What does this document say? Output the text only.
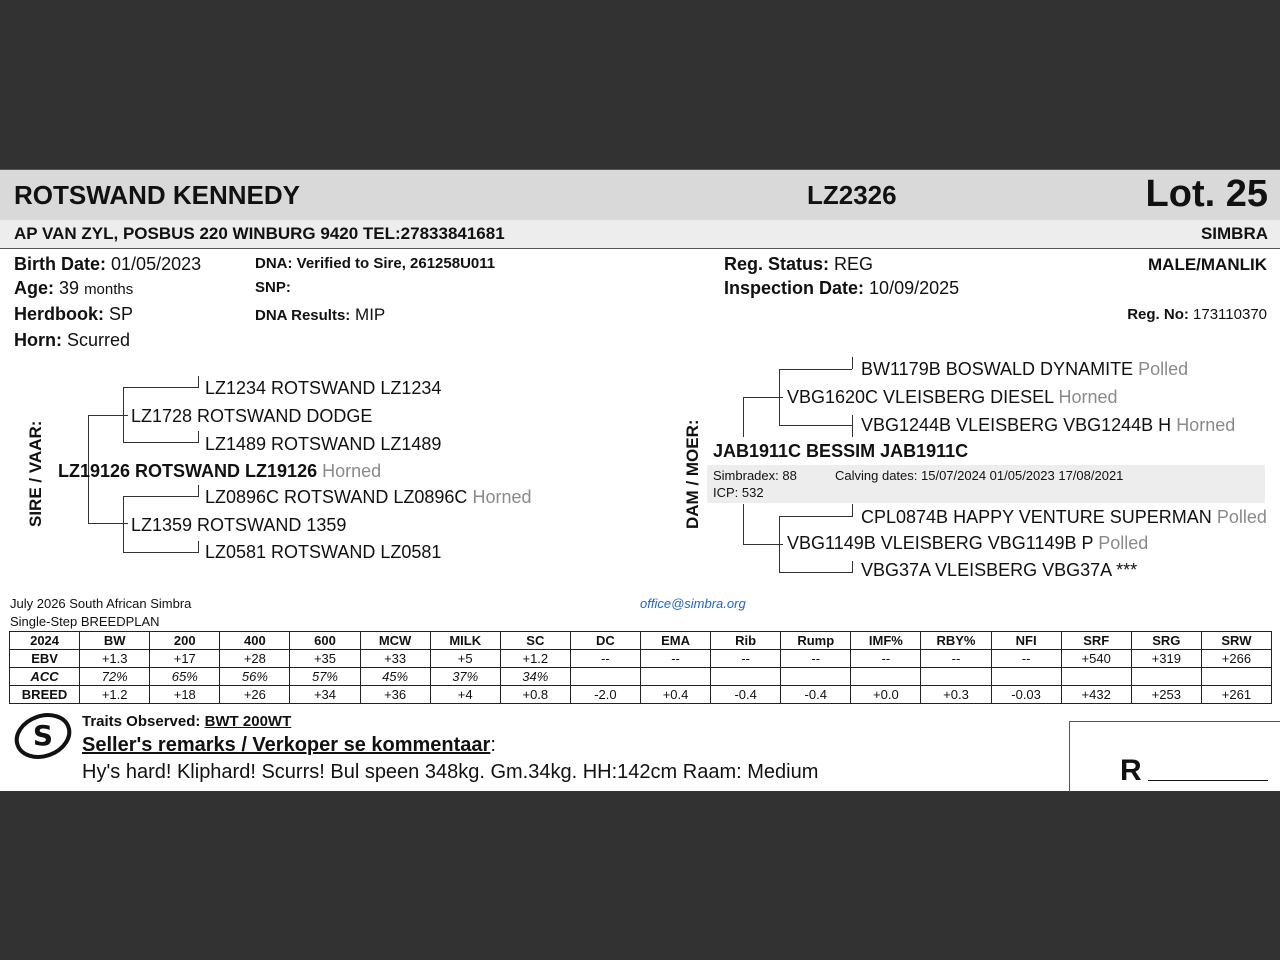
ROTSWAND KENNEDY	LZ2326	Lot. 25
AP VAN ZYL, POSBUS 220 WINBURG 9420 TEL:27833841681	SIMBRA
Birth Date: 01/05/2023
Age: 39 months
Herdbook: SP
Horn: Scurred
DNA: Verified to Sire, 261258U011
SNP:
DNA Results: MIP
Reg. Status: REG
Inspection Date: 10/09/2025
MALE/MANLIK
Reg. No: 173110370
SIRE / VAAR:
LZ1234 ROTSWAND LZ1234
LZ1728 ROTSWAND DODGE
LZ1489 ROTSWAND LZ1489
LZ19126 ROTSWAND LZ19126 Horned
LZ0896C ROTSWAND LZ0896C Horned
LZ1359 ROTSWAND 1359
LZ0581 ROTSWAND LZ0581
DAM / MOER:
BW1179B BOSWALD DYNAMITE Polled
VBG1620C VLEISBERG DIESEL Horned
VBG1244B VLEISBERG VBG1244B H Horned
JAB1911C BESSIM JAB1911C
Simbradex: 88	Calving dates: 15/07/2024 01/05/2023 17/08/2021
ICP: 532
CPL0874B HAPPY VENTURE SUPERMAN Polled
VBG1149B VLEISBERG VBG1149B P Polled
VBG37A VLEISBERG VBG37A ***
July 2026 South African Simbra
Single-Step BREEDPLAN
office@simbra.org
2024	BW	200	400	600	MCW	MILK	SC	DC	EMA	Rib	Rump	IMF%	RBY%	NFI	SRF	SRG	SRW
EBV	+1.3	+17	+28	+35	+33	+5	+1.2	--	--	--	--	--	--	--	+540	+319	+266
ACC	72%	65%	56%	57%	45%	37%	34%										
BREED	+1.2	+18	+26	+34	+36	+4	+0.8	-2.0	+0.4	-0.4	-0.4	+0.0	+0.3	-0.03	+432	+253	+261
S Traits Observed: BWT 200WT
Seller's remarks / Verkoper se kommentaar:
Hy's hard! Kliphard! Scurrs! Bul speen 348kg. Gm.34kg. HH:142cm Raam: Medium	R
